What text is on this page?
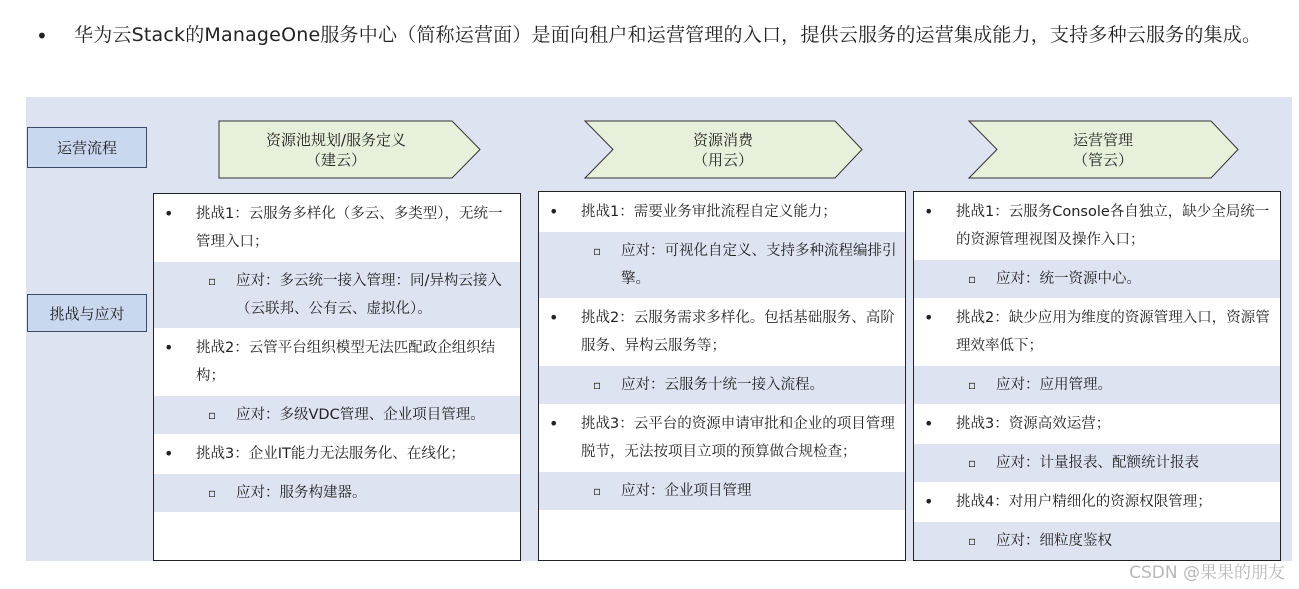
• 华为云Stack的ManageOne服务中心（简称运营面）是面向租户和运营管理的入口，提供云服务的运营集成能力，支持多种云服务的集成。
运营流程
挑战与应对
资源池规划/服务定义
（建云）
资源消费
（用云）
运营管理
（管云）
• 挑战1：云服务多样化（多云、多类型），无统一管理入口；
▫ 应对：多云统一接入管理：同/异构云接入（云联邦、公有云、虚拟化）。
• 挑战2：云管平台组织模型无法匹配政企组织结构；
▫ 应对：多级VDC管理、企业项目管理。
• 挑战3：企业IT能力无法服务化、在线化；
▫ 应对：服务构建器。
• 挑战1：需要业务审批流程自定义能力；
▫ 应对：可视化自定义、支持多种流程编排引擎。
• 挑战2：云服务需求多样化。包括基础服务、高阶服务、异构云服务等；
▫ 应对：云服务十统一接入流程。
• 挑战3：云平台的资源申请审批和企业的项目管理脱节，无法按项目立项的预算做合规检查；
▫ 应对：企业项目管理
• 挑战1：云服务Console各自独立，缺少全局统一的资源管理视图及操作入口；
▫ 应对：统一资源中心。
• 挑战2：缺少应用为维度的资源管理入口，资源管理效率低下；
▫ 应对：应用管理。
• 挑战3：资源高效运营；
▫ 应对：计量报表、配额统计报表
• 挑战4：对用户精细化的资源权限管理；
▫ 应对：细粒度鉴权
CSDN @果果的朋友
